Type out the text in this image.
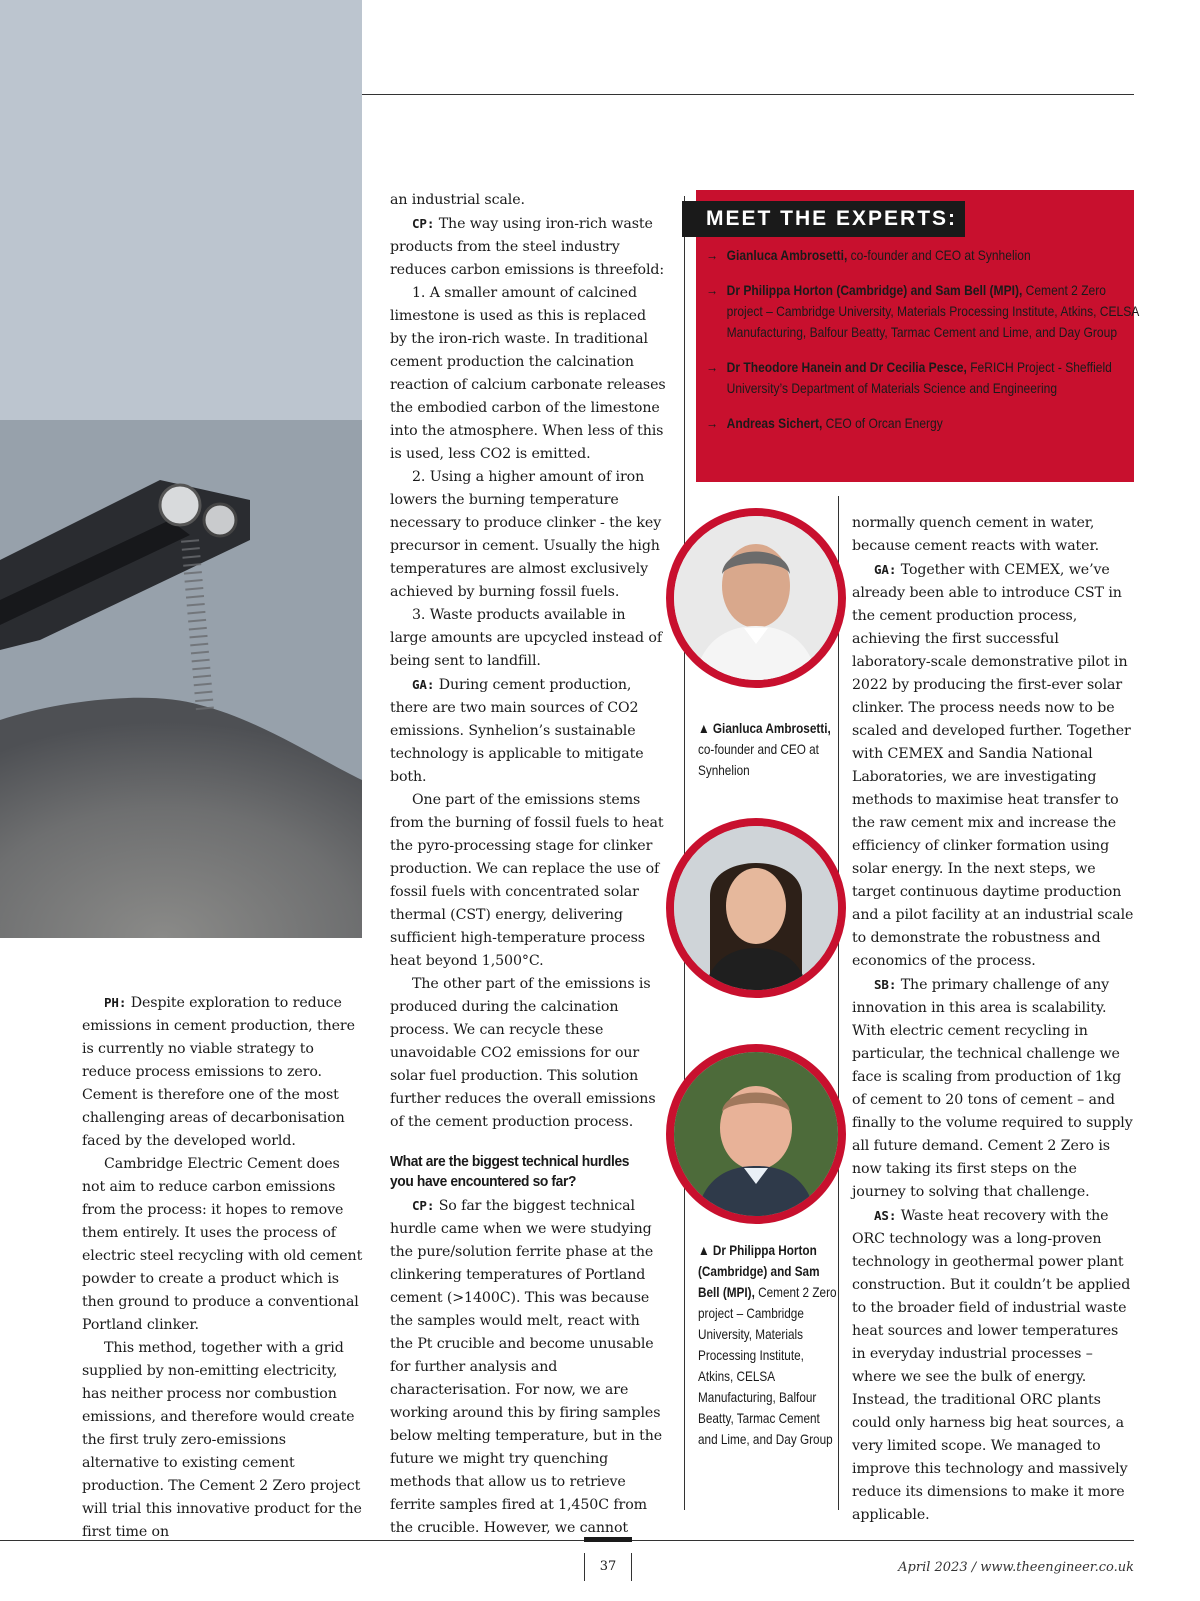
PH: Despite exploration to reduce emissions in cement production, there is currently no viable strategy to reduce process emissions to zero. Cement is therefore one of the most challenging areas of decarbonisation faced by the developed world.

Cambridge Electric Cement does not aim to reduce carbon emissions from the process: it hopes to remove them entirely. It uses the process of electric steel recycling with old cement powder to create a product which is then ground to produce a conventional Portland clinker.

This method, together with a grid supplied by non-emitting electricity, has neither process nor combustion emissions, and therefore would create the first truly zero-emissions alternative to existing cement production. The Cement 2 Zero project will trial this innovative product for the first time on

an industrial scale.

CP: The way using iron-rich waste products from the steel industry reduces carbon emissions is threefold:

1. A smaller amount of calcined limestone is used as this is replaced by the iron-rich waste. In traditional cement production the calcination reaction of calcium carbonate releases the embodied carbon of the limestone into the atmosphere. When less of this is used, less CO2 is emitted.

2. Using a higher amount of iron lowers the burning temperature necessary to produce clinker - the key precursor in cement. Usually the high temperatures are almost exclusively achieved by burning fossil fuels.

3. Waste products available in large amounts are upcycled instead of being sent to landfill.

GA: During cement production, there are two main sources of CO2 emissions. Synhelion’s sustainable technology is applicable to mitigate both.

One part of the emissions stems from the burning of fossil fuels to heat the pyro-processing stage for clinker production. We can replace the use of fossil fuels with concentrated solar thermal (CST) energy, delivering sufficient high-temperature process heat beyond 1,500°C.

The other part of the emissions is produced during the calcination process. We can recycle these unavoidable CO2 emissions for our solar fuel production. This solution further reduces the overall emissions of the cement production process.

What are the biggest technical hurdles you have encountered so far?

CP: So far the biggest technical hurdle came when we were studying the pure/solution ferrite phase at the clinkering temperatures of Portland cement (>1400C). This was because the samples would melt, react with the Pt crucible and become unusable for further analysis and characterisation. For now, we are working around this by firing samples below melting temperature, but in the future we might try quenching methods that allow us to retrieve ferrite samples fired at 1,450C from the crucible. However, we cannot

MEET THE EXPERTS:
→ Gianluca Ambrosetti, co-founder and CEO at Synhelion
→ Dr Philippa Horton (Cambridge) and Sam Bell (MPI), Cement 2 Zero project – Cambridge University, Materials Processing Institute, Atkins, CELSA Manufacturing, Balfour Beatty, Tarmac Cement and Lime, and Day Group
→ Dr Theodore Hanein and Dr Cecilia Pesce, FeRICH Project - Sheffield University’s Department of Materials Science and Engineering
→ Andreas Sichert, CEO of Orcan Energy
▲ Gianluca Ambrosetti, co-founder and CEO at Synhelion
▲ Dr Philippa Horton (Cambridge) and Sam Bell (MPI), Cement 2 Zero project – Cambridge University, Materials Processing Institute, Atkins, CELSA Manufacturing, Balfour Beatty, Tarmac Cement and Lime, and Day Group

normally quench cement in water, because cement reacts with water.

GA: Together with CEMEX, we’ve already been able to introduce CST in the cement production process, achieving the first successful laboratory-scale demonstrative pilot in 2022 by producing the first-ever solar clinker. The process needs now to be scaled and developed further. Together with CEMEX and Sandia National Laboratories, we are investigating methods to maximise heat transfer to the raw cement mix and increase the efficiency of clinker formation using solar energy. In the next steps, we target continuous daytime production and a pilot facility at an industrial scale to demonstrate the robustness and economics of the process.

SB: The primary challenge of any innovation in this area is scalability. With electric cement recycling in particular, the technical challenge we face is scaling from production of 1kg of cement to 20 tons of cement – and finally to the volume required to supply all future demand. Cement 2 Zero is now taking its first steps on the journey to solving that challenge.

AS: Waste heat recovery with the ORC technology was a long-proven technology in geothermal power plant construction. But it couldn’t be applied to the broader field of industrial waste heat sources and lower temperatures in everyday industrial processes – where we see the bulk of energy. Instead, the traditional ORC plants could only harness big heat sources, a very limited scope. We managed to improve this technology and massively reduce its dimensions to make it more applicable.

37	April 2023 / www.theengineer.co.uk
